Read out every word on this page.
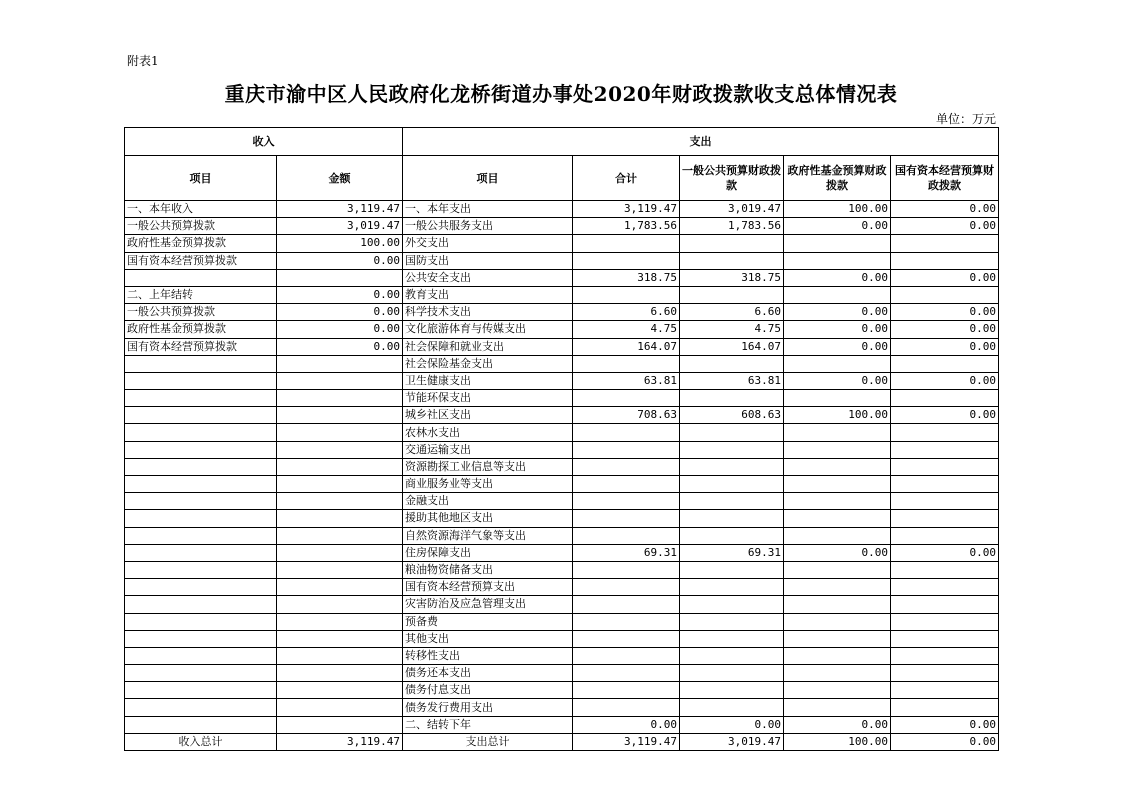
附表1
重庆市渝中区人民政府化龙桥街道办事处2020年财政拨款收支总体情况表
单位：万元
收入		支出				
项目	金额	项目	合计	一般公共预算财政拨款	政府性基金预算财政拨款	国有资本经营预算财政拨款
一、本年收入	3,119.47	一、本年支出	3,119.47	3,019.47	100.00	0.00
一般公共预算拨款	3,019.47	一般公共服务支出	1,783.56	1,783.56	0.00	0.00
政府性基金预算拨款	100.00	外交支出				
国有资本经营预算拨款	0.00	国防支出				
		公共安全支出	318.75	318.75	0.00	0.00
二、上年结转	0.00	教育支出				
一般公共预算拨款	0.00	科学技术支出	6.60	6.60	0.00	0.00
政府性基金预算拨款	0.00	文化旅游体育与传媒支出	4.75	4.75	0.00	0.00
国有资本经营预算拨款	0.00	社会保障和就业支出	164.07	164.07	0.00	0.00
		社会保险基金支出				
		卫生健康支出	63.81	63.81	0.00	0.00
		节能环保支出				
		城乡社区支出	708.63	608.63	100.00	0.00
		农林水支出				
		交通运输支出				
		资源勘探工业信息等支出				
		商业服务业等支出				
		金融支出				
		援助其他地区支出				
		自然资源海洋气象等支出				
		住房保障支出	69.31	69.31	0.00	0.00
		粮油物资储备支出				
		国有资本经营预算支出				
		灾害防治及应急管理支出				
		预备费				
		其他支出				
		转移性支出				
		债务还本支出				
		债务付息支出				
		债务发行费用支出				
		二、结转下年	0.00	0.00	0.00	0.00
收入总计	3,119.47	支出总计	3,119.47	3,019.47	100.00	0.00
